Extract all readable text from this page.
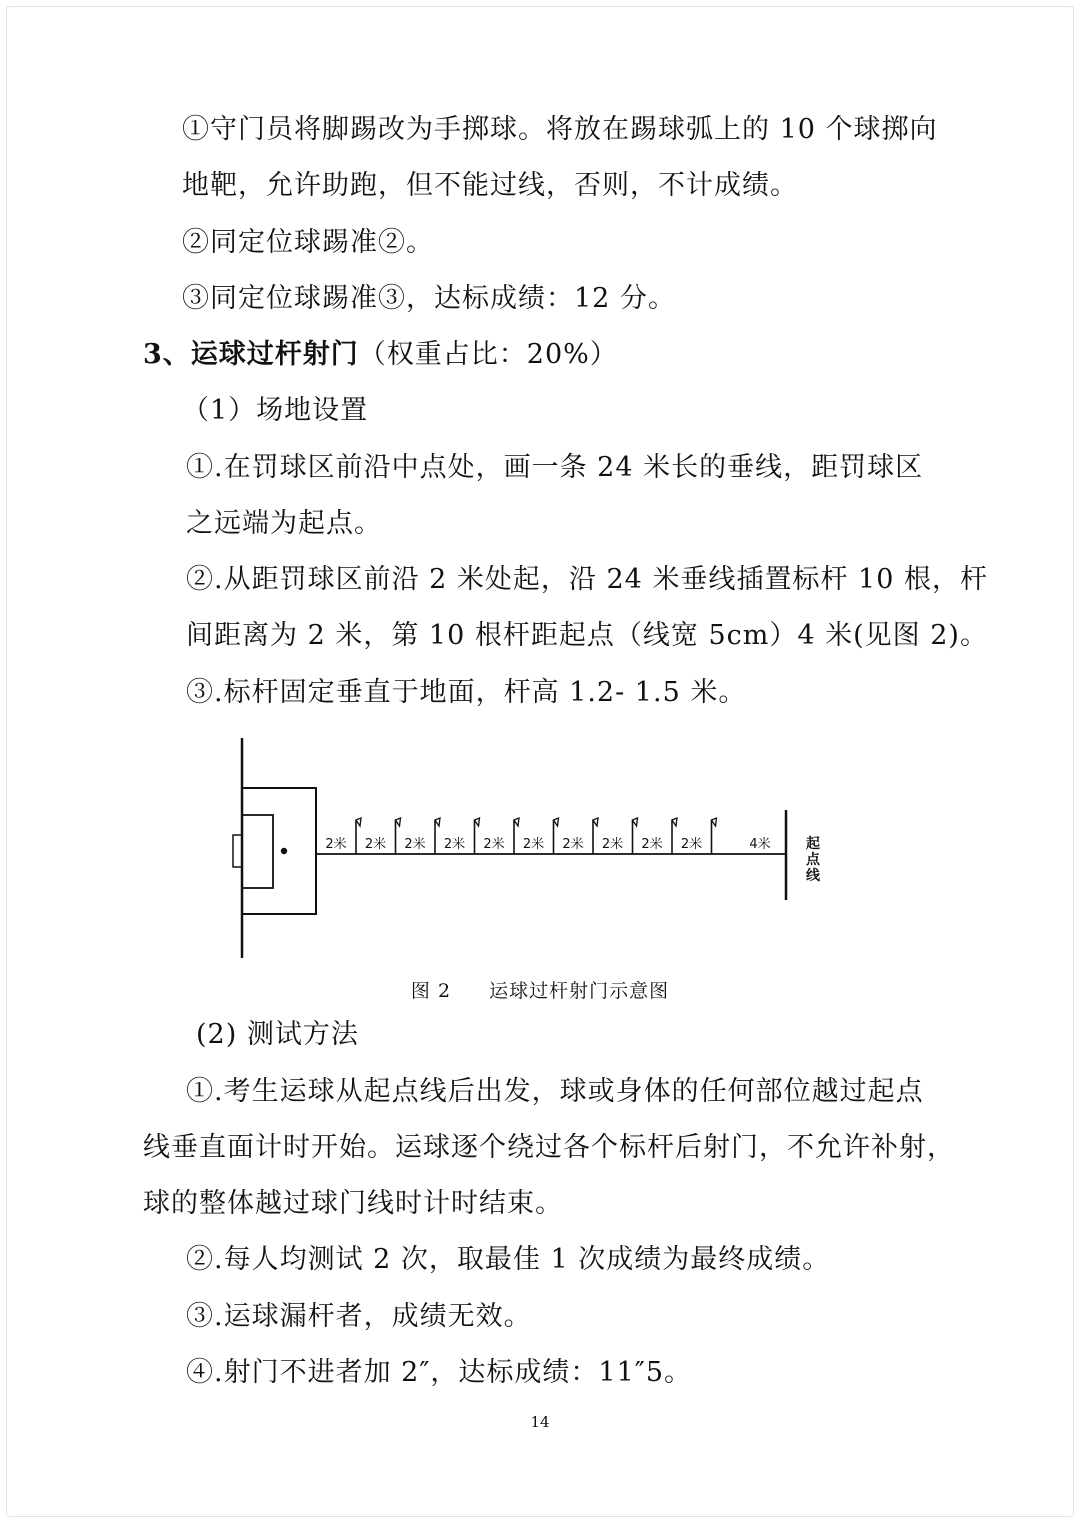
①守门员将脚踢改为手掷球。将放在踢球弧上的 10 个球掷向

地靶，允许助跑，但不能过线，否则，不计成绩。

②同定位球踢准②。

③同定位球踢准③，达标成绩：12 分。

3、运球过杆射门（权重占比：20%）

（1）场地设置

①.在罚球区前沿中点处，画一条 24 米长的垂线，距罚球区

之远端为起点。

②.从距罚球区前沿 2 米处起，沿 24 米垂线插置标杆 10 根，杆

间距离为 2 米，第 10 根杆距起点（线宽 5cm）4 米(见图 2)。

③.标杆固定垂直于地面，杆高 1.2- 1.5 米。

2米 2米 2米 2米 2米 2米 2米 2米 2米 2米	4米	起
点
线
图 2 运球过杆射门示意图

(2) 测试方法

①.考生运球从起点线后出发，球或身体的任何部位越过起点

线垂直面计时开始。运球逐个绕过各个标杆后射门，不允许补射，

球的整体越过球门线时计时结束。

②.每人均测试 2 次，取最佳 1 次成绩为最终成绩。

③.运球漏杆者，成绩无效。

④.射门不进者加 2″，达标成绩：11″5。

14
